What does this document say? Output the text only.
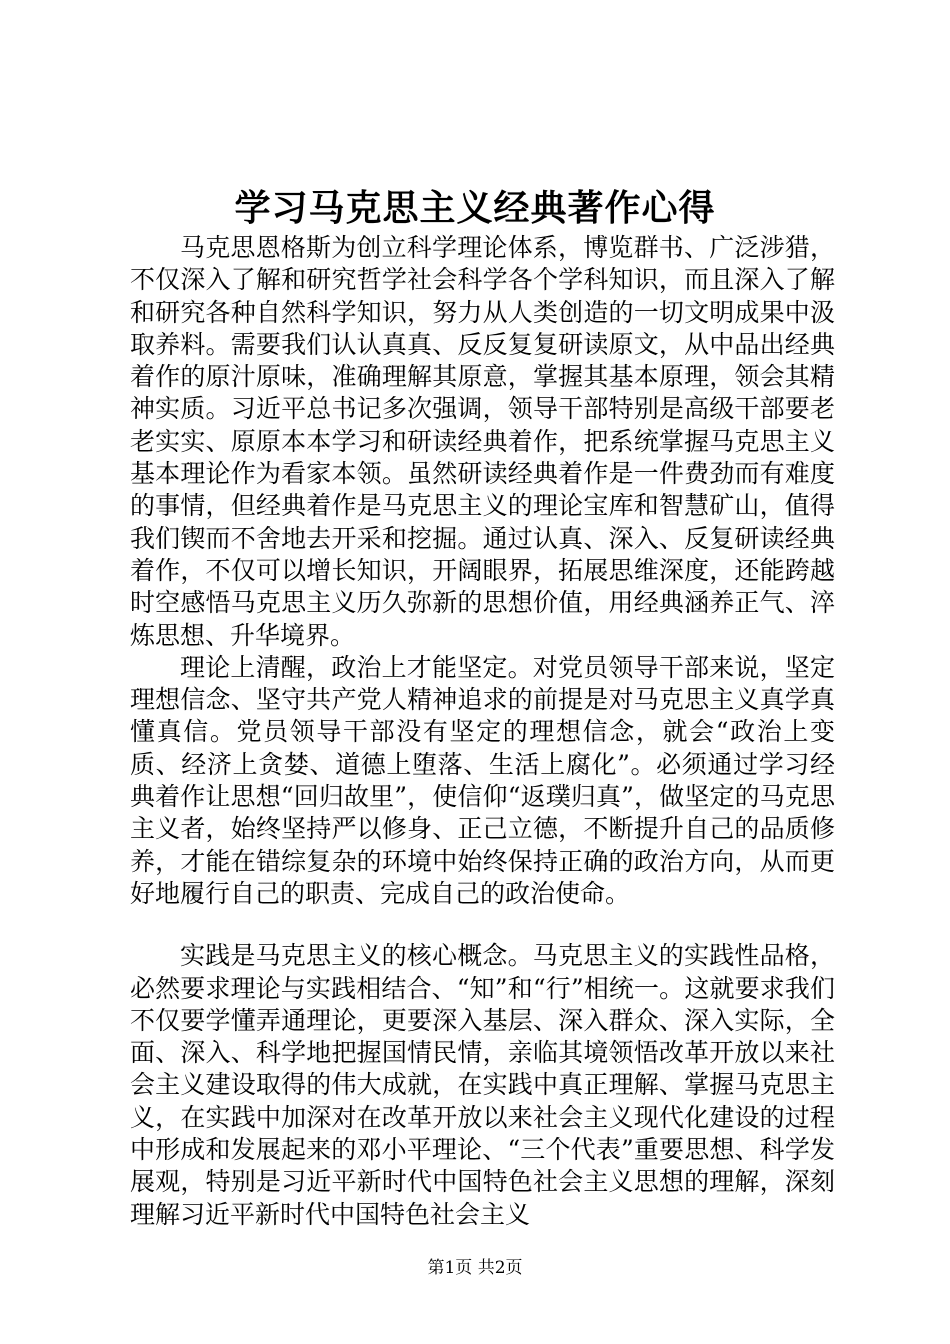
学习马克思主义经典著作心得

马克思恩格斯为创立科学理论体系，博览群书、广泛涉猎，不仅深入了解和研究哲学社会科学各个学科知识，而且深入了解和研究各种自然科学知识，努力从人类创造的一切文明成果中汲取养料。需要我们认认真真、反反复复研读原文，从中品出经典着作的原汁原味，准确理解其原意，掌握其基本原理，领会其精神实质。习近平总书记多次强调，领导干部特别是高级干部要老老实实、原原本本学习和研读经典着作，把系统掌握马克思主义基本理论作为看家本领。虽然研读经典着作是一件费劲而有难度的事情，但经典着作是马克思主义的理论宝库和智慧矿山，值得我们锲而不舍地去开采和挖掘。通过认真、深入、反复研读经典着作，不仅可以增长知识，开阔眼界，拓展思维深度，还能跨越时空感悟马克思主义历久弥新的思想价值，用经典涵养正气、淬炼思想、升华境界。

理论上清醒，政治上才能坚定。对党员领导干部来说，坚定理想信念、坚守共产党人精神追求的前提是对马克思主义真学真懂真信。党员领导干部没有坚定的理想信念，就会“政治上变质、经济上贪婪、道德上堕落、生活上腐化”。必须通过学习经典着作让思想“回归故里”，使信仰“返璞归真”，做坚定的马克思主义者，始终坚持严以修身、正己立德，不断提升自己的品质修养，才能在错综复杂的环境中始终保持正确的政治方向，从而更好地履行自己的职责、完成自己的政治使命。

实践是马克思主义的核心概念。马克思主义的实践性品格，必然要求理论与实践相结合、“知”和“行”相统一。这就要求我们不仅要学懂弄通理论，更要深入基层、深入群众、深入实际，全面、深入、科学地把握国情民情，亲临其境领悟改革开放以来社会主义建设取得的伟大成就，在实践中真正理解、掌握马克思主义，在实践中加深对在改革开放以来社会主义现代化建设的过程中形成和发展起来的邓小平理论、“三个代表”重要思想、科学发展观，特别是习近平新时代中国特色社会主义思想的理解，深刻理解习近平新时代中国特色社会主义

第1页 共2页
